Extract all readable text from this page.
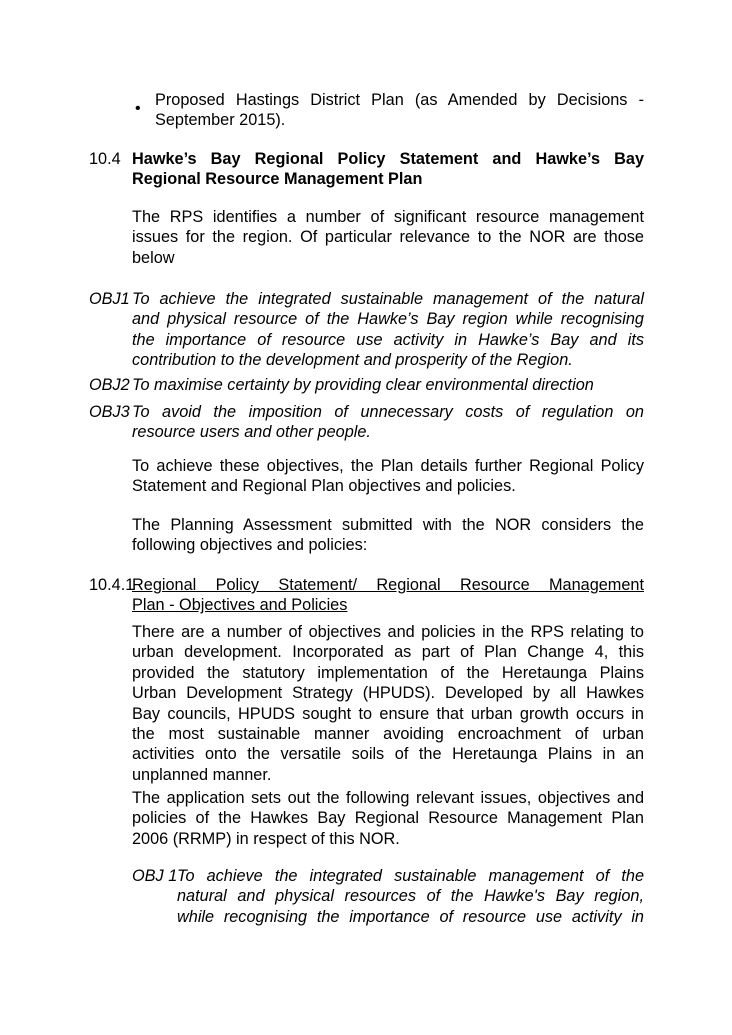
• Proposed Hastings District Plan (as Amended by Decisions -
September 2015).
10.4 Hawke’s Bay Regional Policy Statement and Hawke’s Bay
Regional Resource Management Plan
The RPS identifies a number of significant resource management
issues for the region. Of particular relevance to the NOR are those
below
OBJ1 To achieve the integrated sustainable management of the natural
and physical resource of the Hawke’s Bay region while recognising
the importance of resource use activity in Hawke’s Bay and its
contribution to the development and prosperity of the Region.
OBJ2 To maximise certainty by providing clear environmental direction
OBJ3 To avoid the imposition of unnecessary costs of regulation on
resource users and other people.
To achieve these objectives, the Plan details further Regional Policy
Statement and Regional Plan objectives and policies.
The Planning Assessment submitted with the NOR considers the
following objectives and policies:
10.4.1
Regional Policy Statement/ Regional Resource Management
Plan - Objectives and Policies
There are a number of objectives and policies in the RPS relating to
urban development. Incorporated as part of Plan Change 4, this
provided the statutory implementation of the Heretaunga Plains
Urban Development Strategy (HPUDS). Developed by all Hawkes
Bay councils, HPUDS sought to ensure that urban growth occurs in
the most sustainable manner avoiding encroachment of urban
activities onto the versatile soils of the Heretaunga Plains in an
unplanned manner.
The application sets out the following relevant issues, objectives and
policies of the Hawkes Bay Regional Resource Management Plan
2006 (RRMP) in respect of this NOR.
OBJ 1 To achieve the integrated sustainable management of the
natural and physical resources of the Hawke's Bay region,
while recognising the importance of resource use activity in
